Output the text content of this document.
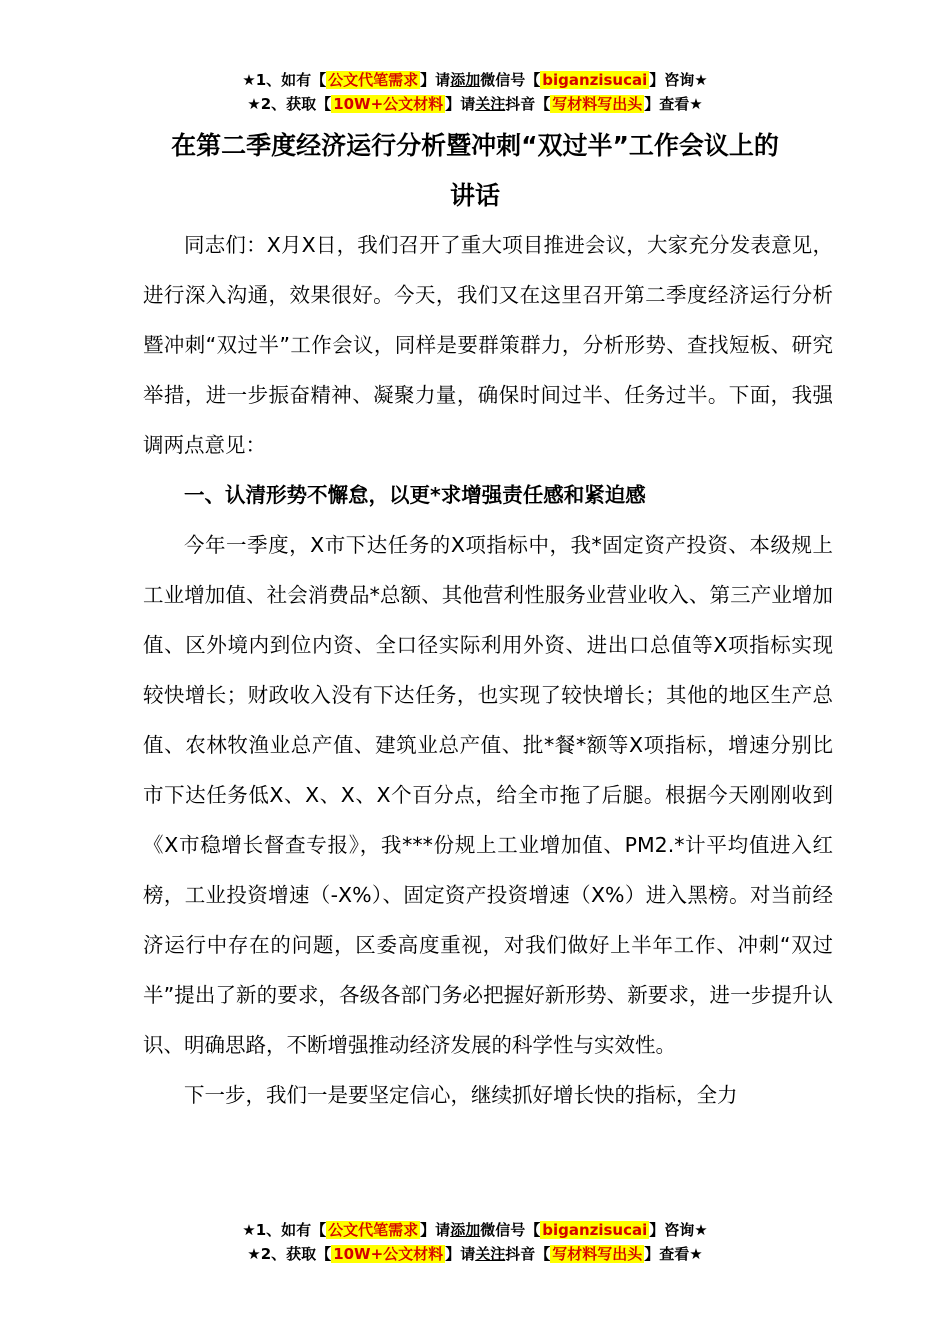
★1、如有【 公文代笔需求 】请添加微信号【 biganzisucai 】咨询★
★2、获取【 10W+公文材料 】请关注抖音【 写材料写出头 】查看★
在第二季度经济运行分析暨冲刺“双过半”工作会议上的
讲话

同志们：X月X日，我们召开了重大项目推进会议，大家充分发表意见，进行深入沟通，效果很好。今天，我们又在这里召开第二季度经济运行分析暨冲刺“双过半”工作会议，同样是要群策群力，分析形势、查找短板、研究举措，进一步振奋精神、凝聚力量，确保时间过半、任务过半。下面，我强调两点意见：

一、认清形势不懈怠，以更*求增强责任感和紧迫感

今年一季度，X市下达任务的X项指标中，我*固定资产投资、本级规上工业增加值、社会消费品*总额、其他营利性服务业营业收入、第三产业增加值、区外境内到位内资、全口径实际利用外资、进出口总值等X项指标实现较快增长；财政收入没有下达任务，也实现了较快增长；其他的地区生产总值、农林牧渔业总产值、建筑业总产值、批*餐*额等X项指标，增速分别比市下达任务低X、X、X、X个百分点，给全市拖了后腿。根据今天刚刚收到《X市稳增长督查专报》，我***份规上工业增加值、PM2.*计平均值进入红榜，工业投资增速（-X%）、固定资产投资增速（X%）进入黑榜。对当前经济运行中存在的问题，区委高度重视，对我们做好上半年工作、冲刺“双过半”提出了新的要求，各级各部门务必把握好新形势、新要求，进一步提升认识、明确思路，不断增强推动经济发展的科学性与实效性。

下一步，我们一是要坚定信心，继续抓好增长快的指标，全力

★1、如有【 公文代笔需求 】请添加微信号【 biganzisucai 】咨询★
★2、获取【 10W+公文材料 】请关注抖音【 写材料写出头 】查看★
